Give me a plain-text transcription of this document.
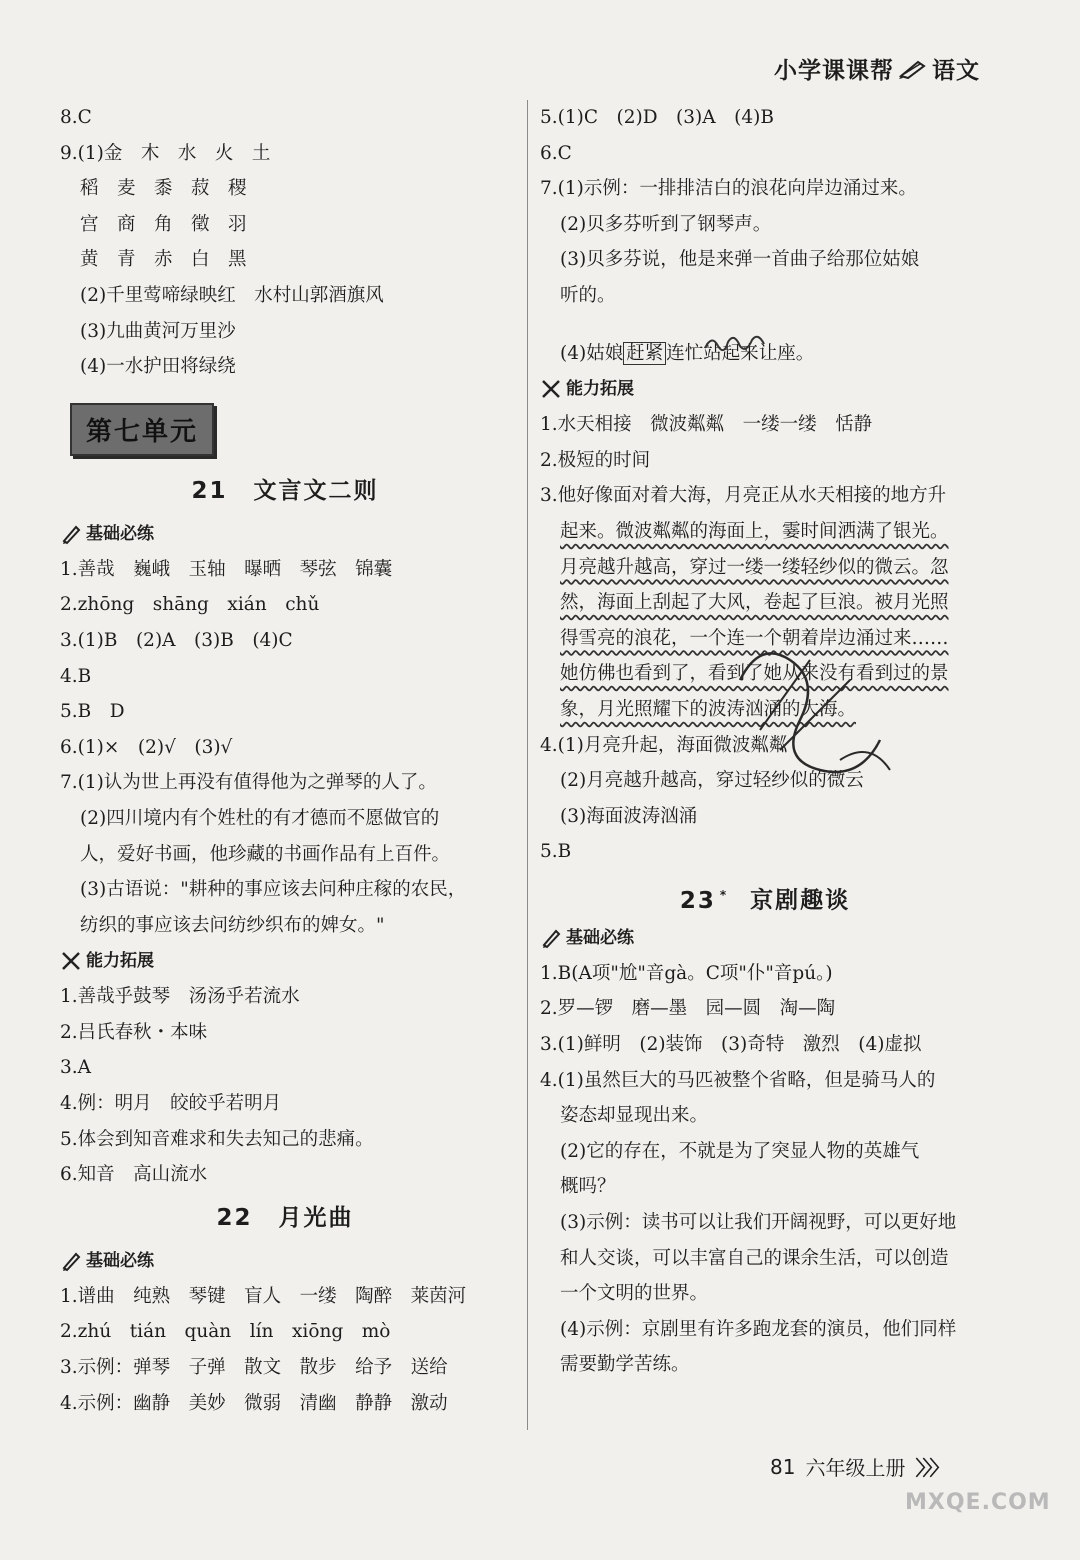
小学课课帮 语文
8.C
9.(1)金　木　水　火　土
稻　麦　黍　菽　稷
宫　商　角　徵　羽
黄　青　赤　白　黑
(2)千里莺啼绿映红　水村山郭酒旗风
(3)九曲黄河万里沙
(4)一水护田将绿绕
第七单元
21 文言文二则
基础必练
1.善哉　巍峨　玉轴　曝晒　琴弦　锦囊
2.zhōng　shāng　xián　chǔ
3.(1)B　(2)A　(3)B　(4)C
4.B
5.B　D
6.(1)×　(2)√　(3)√
7.(1)认为世上再没有值得他为之弹琴的人了。
(2)四川境内有个姓杜的有才德而不愿做官的
人，爱好书画，他珍藏的书画作品有上百件。
(3)古语说："耕种的事应该去问种庄稼的农民，
纺织的事应该去问纺纱织布的婢女。"
能力拓展
1.善哉乎鼓琴　汤汤乎若流水
2.吕氏春秋・本味
3.A
4.例：明月　皎皎乎若明月
5.体会到知音难求和失去知己的悲痛。
6.知音　高山流水
22 月光曲
基础必练
1.谱曲　纯熟　琴键　盲人　一缕　陶醉　莱茵河
2.zhú　tián　quàn　lín　xiōng　mò
3.示例：弹琴　子弹　散文　散步　给予　送给
4.示例：幽静　美妙　微弱　清幽　静静　激动
5.(1)C　(2)D　(3)A　(4)B
6.C
7.(1)示例：一排排洁白的浪花向岸边涌过来。
(2)贝多芬听到了钢琴声。
(3)贝多芬说，他是来弹一首曲子给那位姑娘
听的。
(4)姑娘 赶紧 连忙站起来让座。
能力拓展
1.水天相接　微波粼粼　一缕一缕　恬静
2.极短的时间
3.他好像面对着大海，月亮正从水天相接的地方升
起来。微波粼粼的海面上，霎时间洒满了银光。
月亮越升越高，穿过一缕一缕轻纱似的微云。忽
然，海面上刮起了大风，卷起了巨浪。被月光照
得雪亮的浪花，一个连一个朝着岸边涌过来……
她仿佛也看到了，看到了她从来没有看到过的景
象，月光照耀下的波涛汹涌的大海。
4.(1)月亮升起，海面微波粼粼
(2)月亮越升越高，穿过轻纱似的微云
(3)海面波涛汹涌
5.B
23 * 京剧趣谈
基础必练
1.B(A项"尬"音gà。C项"仆"音pú。)
2.罗—锣　磨—墨　园—圆　淘—陶
3.(1)鲜明　(2)装饰　(3)奇特　激烈　(4)虚拟
4.(1)虽然巨大的马匹被整个省略，但是骑马人的
姿态却显现出来。
(2)它的存在，不就是为了突显人物的英雄气
概吗？
(3)示例：读书可以让我们开阔视野，可以更好地
和人交谈，可以丰富自己的课余生活，可以创造
一个文明的世界。
(4)示例：京剧里有许多跑龙套的演员，他们同样
需要勤学苦练。
81 六年级上册 〉〉〉
MXQE.COM
